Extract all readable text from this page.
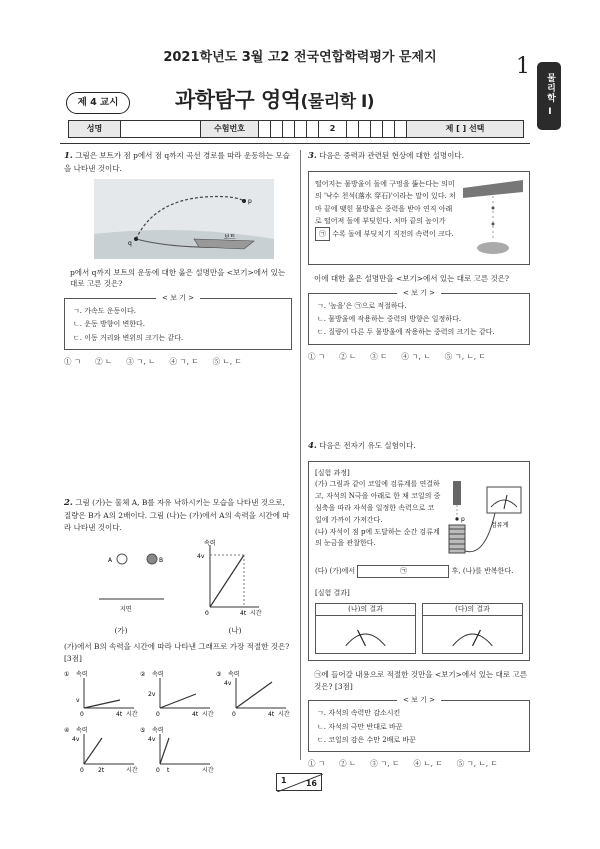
2021학년도 3월 고2 전국연합학력평가 문제지	1
물리학 Ⅰ
제 4 교시	과학탐구 영역(물리학 Ⅰ)
성명	수험번호	2	제 [ ] 선택

1. 그림은 보트가 점 p에서 점 q까지 곡선 경로를 따라 운동하는 모습을 나타낸 것이다.

p
q
보트

p에서 q까지 보트의 운동에 대한 옳은 설명만을 <보기>에서 있는 대로 고른 것은?

< 보 기 >
ㄱ. 가속도 운동이다.
ㄴ. 운동 방향이 변한다.
ㄷ. 이동 거리와 변위의 크기는 같다.
① ㄱ ② ㄴ ③ ㄱ, ㄴ ④ ㄱ, ㄷ ⑤ ㄴ, ㄷ

2. 그림 (가)는 물체 A, B를 자유 낙하시키는 모습을 나타낸 것으로, 질량은 B가 A의 2배이다. 그림 (나)는 (가)에서 A의 속력을 시간에 따라 나타낸 것이다.

A	B
지면
속력
4v
0	4t 시간
(가)	(나)

(가)에서 B의 속력을 시간에 따라 나타낸 그래프로 가장 적절한 것은? [3점]

① 속력
v
0	4t 시간
② 속력
2v
0	4t 시간
③ 속력
4v
0	4t 시간
④ 속력
4v
0 2t	시간
⑤ 속력
4v
0 t	시간

3. 다음은 중력과 관련된 현상에 대한 설명이다.

떨어지는 물방울이 돌에 구멍을 뚫는다는 의미의 '낙수 천석(落水 穿石)'이라는 말이 있다. 처마 끝에 맺힌 물방울은 중력을 받아 연직 아래로 떨어져 돌에 부딪힌다. 처마 끝의 높이가 ㉠ 수록 돌에 부딪치기 직전의 속력이 크다.

이에 대한 옳은 설명만을 <보기>에서 있는 대로 고른 것은?

< 보 기 >
ㄱ. '높을'은 ㉠으로 적절하다.
ㄴ. 물방울에 작용하는 중력의 방향은 일정하다.
ㄷ. 질량이 다른 두 물방울에 작용하는 중력의 크기는 같다.
① ㄱ ② ㄴ ③ ㄷ ④ ㄱ, ㄴ ⑤ ㄱ, ㄴ, ㄷ

4. 다음은 전자기 유도 실험이다.

[실험 과정]
(가) 그림과 같이 코일에 검류계를 연결하고, 자석의 N극을 아래로 한 채 코일의 중심축을 따라 자석을 일정한 속력으로 코일에 가까이 가져간다.
(나) 자석이 점 p에 도달하는 순간 검류계의 눈금을 관찰한다.
p
검류계
(다) (가)에서	㉠	후, (나)를 반복한다.
[실험 결과]
(나)의 결과	(다)의 결과

㉠에 들어갈 내용으로 적절한 것만을 <보기>에서 있는 대로 고른 것은? [3점]

< 보 기 >
ㄱ. 자석의 속력만 감소시킨
ㄴ. 자석의 극만 반대로 바꾼
ㄷ. 코일의 감은 수만 2배로 바꾼
① ㄱ ② ㄴ ③ ㄱ, ㄷ ④ ㄴ, ㄷ ⑤ ㄱ, ㄴ, ㄷ
1 16
